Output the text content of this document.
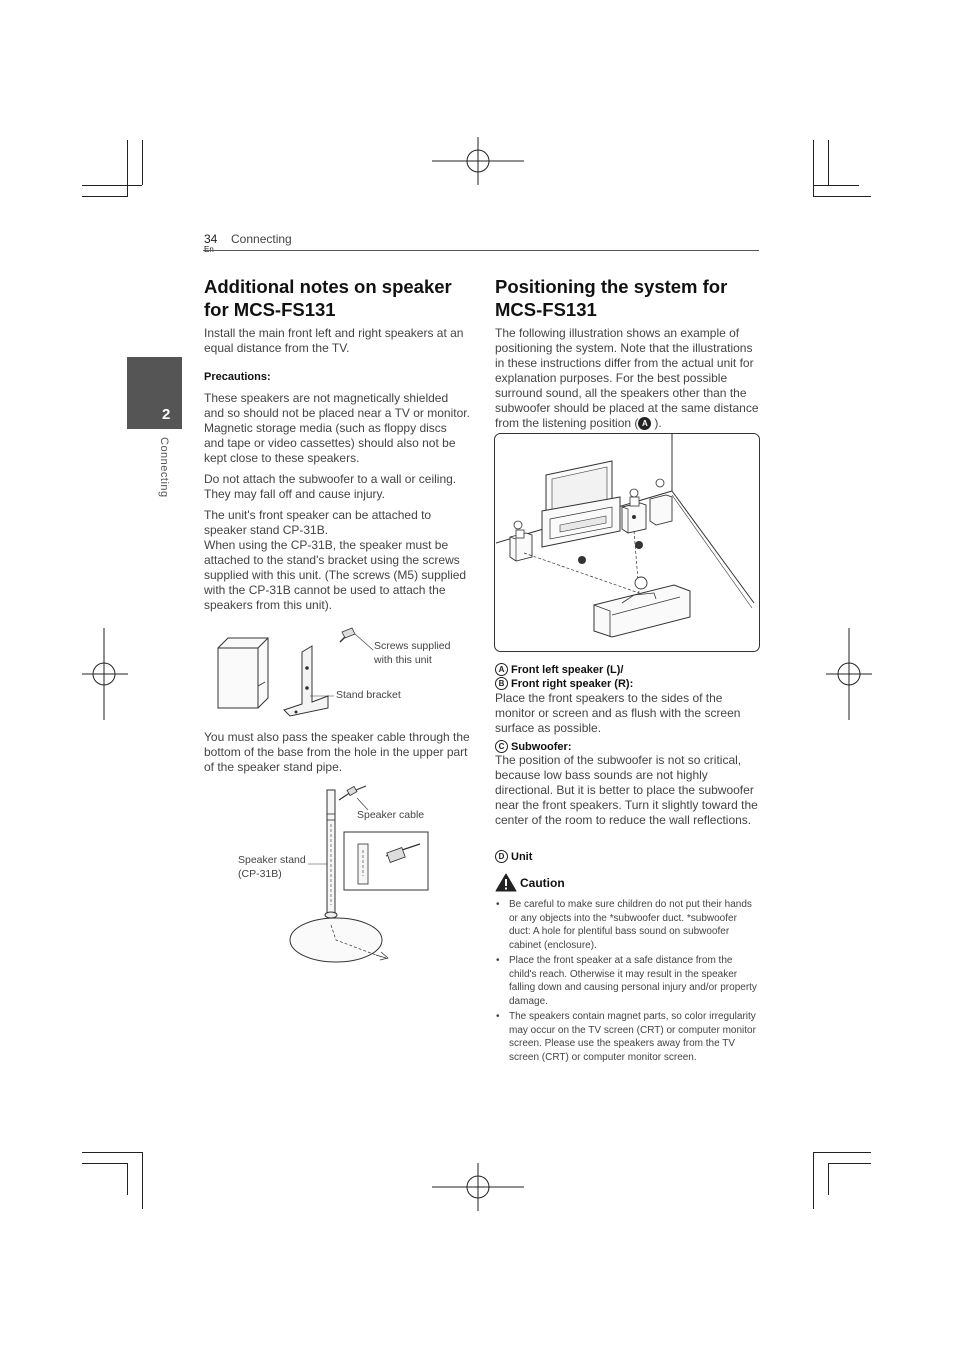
34 Connecting
2
Connecting
Additional notes on speaker for MCS-FS131

Install the main front left and right speakers at an equal distance from the TV.

Precautions:

These speakers are not magnetically shielded and so should not be placed near a TV or monitor. Magnetic storage media (such as floppy discs and tape or video cassettes) should also not be kept close to these speakers.

Do not attach the subwoofer to a wall or ceiling. They may fall off and cause injury.

The unit's front speaker can be attached to speaker stand CP-31B.

When using the CP-31B, the speaker must be attached to the stand's bracket using the screws supplied with this unit. (The screws (M5) supplied with the CP-31B cannot be used to attach the speakers from this unit).

Screws supplied with this unit
Stand bracket

You must also pass the speaker cable through the bottom of the base from the hole in the upper part of the speaker stand pipe.

Speaker cable
Speaker stand (CP-31B)
Positioning the system for MCS-FS131

The following illustration shows an example of positioning the system. Note that the illustrations in these instructions differ from the actual unit for explanation purposes. For the best possible surround sound, all the speakers other than the subwoofer should be placed at the same distance from the listening position ( A ).

A Front left speaker (L)/
B Front right speaker (R):

Place the front speakers to the sides of the monitor or screen and as flush with the screen surface as possible.

C Subwoofer:

The position of the subwoofer is not so critical, because low bass sounds are not highly directional. But it is better to place the subwoofer near the front speakers. Turn it slightly toward the center of the room to reduce the wall reflections.

D Unit
Caution
• Be careful to make sure children do not put their hands or any objects into the *subwoofer duct. *subwoofer duct: A hole for plentiful bass sound on subwoofer cabinet (enclosure).
• Place the front speaker at a safe distance from the child's reach. Otherwise it may result in the speaker falling down and causing personal injury and/or property damage.
• The speakers contain magnet parts, so color irregularity may occur on the TV screen (CRT) or computer monitor screen. Please use the speakers away from the TV screen (CRT) or computer monitor screen.
